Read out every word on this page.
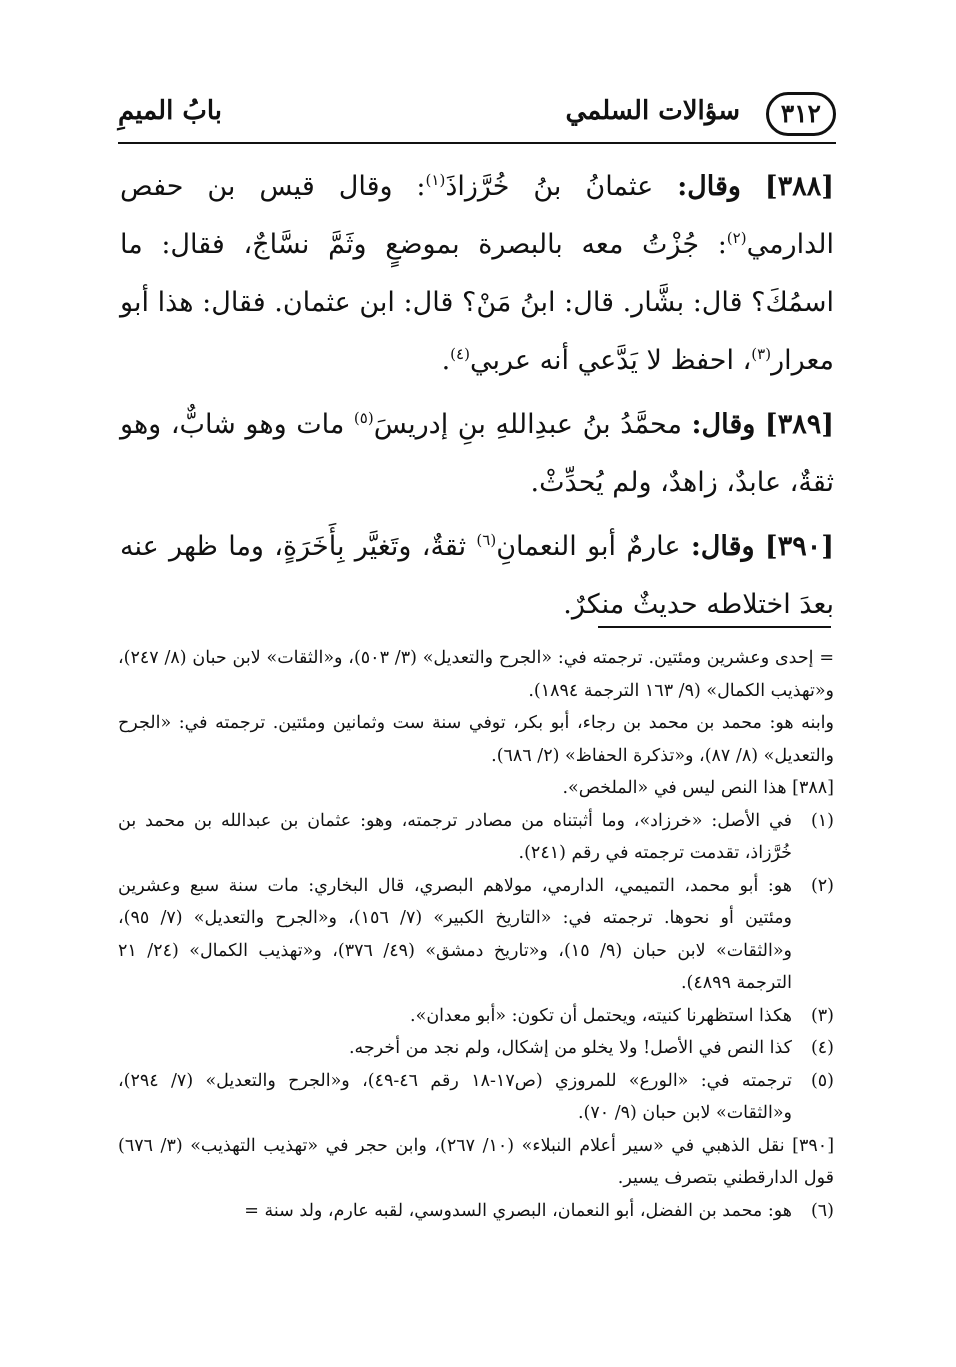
٣١٢
سؤالات السلمي
بابُ الميمِ

[٣٨٨] وقال: عثمانُ بنُ خُرَّزاذَ$^{(١)}$: وقال قيس بن حفص الدارمي$^{(٢)}$: جُزْتُ معه بالبصرة بموضعٍ وثَمَّ نسَّاجٌ، فقال: ما اسمُكَ؟ قال: بشَّار. قال: ابنُ مَنْ؟ قال: ابن عثمان. فقال: هذا أبو معرار$^{(٣)}$، احفظ لا يَدَّعي أنه عربي$^{(٤)}$.

[٣٨٩] وقال: محمَّدُ بنُ عبدِاللهِ بنِ إدريسَ$^{(٥)}$ مات وهو شابٌّ، وهو ثقةٌ، عابدٌ، زاهدٌ، ولم يُحدِّثْ.

[٣٩٠] وقال: عارمٌ أبو النعمانِ$^{(٦)}$ ثقةٌ، وتَغيَّر بِأَخَرَةٍ، وما ظهر عنه بعدَ اختلاطه حديثٌ منكرٌ.

= إحدى وعشرين ومئتين. ترجمته في: «الجرح والتعديل» (٣/ ٥٠٣)، و«الثقات» لابن حبان (٨/ ٢٤٧)، و«تهذيب الكمال» (٩/ ١٦٣ الترجمة ١٨٩٤).
وابنه هو: محمد بن محمد بن رجاء، أبو بكر، توفي سنة ست وثمانين ومئتين. ترجمته في: «الجرح والتعديل» (٨/ ٨٧)، و«تذكرة الحفاظ» (٢/ ٦٨٦).
[٣٨٨] هذا النص ليس في «الملخص».
(١)
في الأصل: «خرزاد»، وما أثبتناه من مصادر ترجمته، وهو: عثمان بن عبدالله بن محمد بن خُرَّزاذ، تقدمت ترجمته في رقم (٢٤١).
(٢)
هو: أبو محمد، التميمي، الدارمي، مولاهم البصري، قال البخاري: مات سنة سبع وعشرين ومئتين أو نحوها. ترجمته في: «التاريخ الكبير» (٧/ ١٥٦)، و«الجرح والتعديل» (٧/ ٩٥)، و«الثقات» لابن حبان (٩/ ١٥)، و«تاريخ دمشق» (٤٩/ ٣٧٦)، و«تهذيب الكمال» (٢٤/ ٢١ الترجمة ٤٨٩٩).
(٣)
هكذا استظهرنا كنيته، ويحتمل أن تكون: «أبو معدان».
(٤)
كذا النص في الأصل! ولا يخلو من إشكال، ولم نجد من أخرجه.
(٥)
ترجمته في: «الورع» للمروزي (ص١٧-١٨ رقم ٤٦-٤٩)، و«الجرح والتعديل» (٧/ ٢٩٤)، و«الثقات» لابن حبان (٩/ ٧٠).
[٣٩٠] نقل الذهبي في «سير أعلام النبلاء» (١٠/ ٢٦٧)، وابن حجر في «تهذيب التهذيب» (٣/ ٦٧٦) قول الدارقطني بتصرف يسير.
(٦)
هو: محمد بن الفضل، أبو النعمان، البصري السدوسي، لقبه عارم، ولد سنة =
